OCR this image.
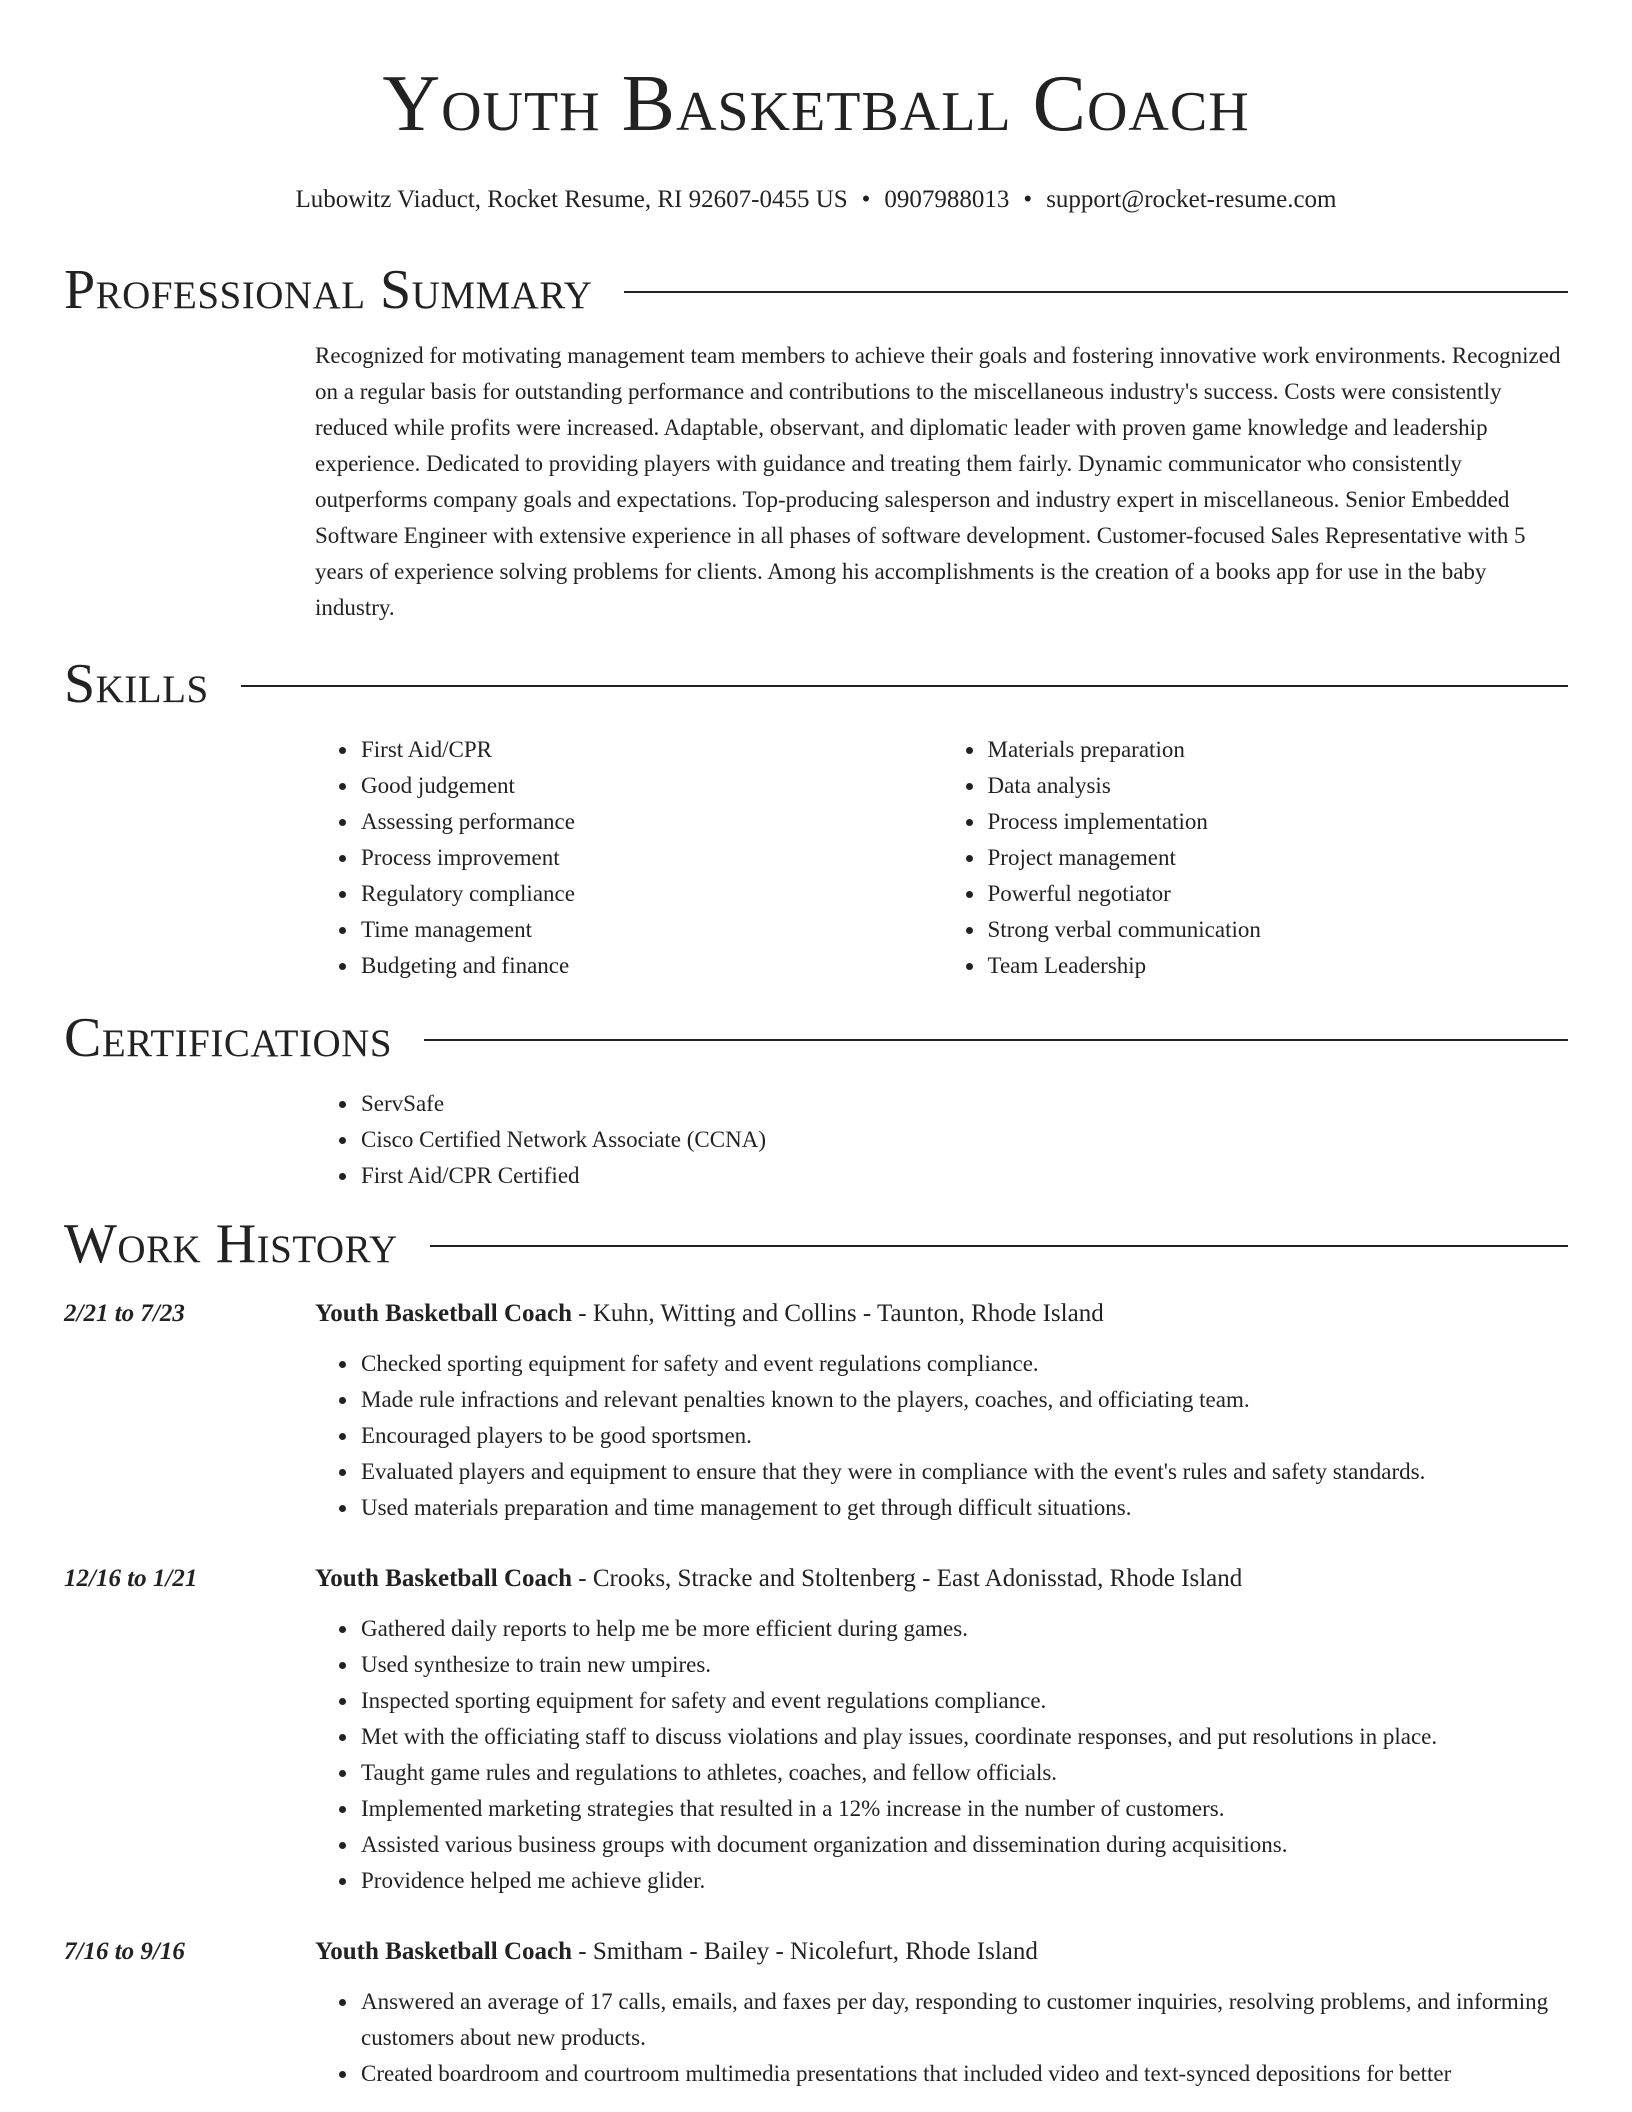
Youth Basketball Coach
Lubowitz Viaduct, Rocket Resume, RI 92607-0455 US • 0907988013 • support@rocket-resume.com
Professional Summary
Recognized for motivating management team members to achieve their goals and fostering innovative work environments. Recognized on a regular basis for outstanding performance and contributions to the miscellaneous industry's success. Costs were consistently reduced while profits were increased. Adaptable, observant, and diplomatic leader with proven game knowledge and leadership experience. Dedicated to providing players with guidance and treating them fairly. Dynamic communicator who consistently outperforms company goals and expectations. Top-producing salesperson and industry expert in miscellaneous. Senior Embedded Software Engineer with extensive experience in all phases of software development. Customer-focused Sales Representative with 5 years of experience solving problems for clients. Among his accomplishments is the creation of a books app for use in the baby industry.
Skills
• First Aid/CPR
• Good judgement
• Assessing performance
• Process improvement
• Regulatory compliance
• Time management
• Budgeting and finance
• Materials preparation
• Data analysis
• Process implementation
• Project management
• Powerful negotiator
• Strong verbal communication
• Team Leadership
Certifications
• ServSafe
• Cisco Certified Network Associate (CCNA)
• First Aid/CPR Certified
Work History
2/21 to 7/23	Youth Basketball Coach - Kuhn, Witting and Collins - Taunton, Rhode Island
• Checked sporting equipment for safety and event regulations compliance.
• Made rule infractions and relevant penalties known to the players, coaches, and officiating team.
• Encouraged players to be good sportsmen.
• Evaluated players and equipment to ensure that they were in compliance with the event's rules and safety standards.
• Used materials preparation and time management to get through difficult situations.
12/16 to 1/21	Youth Basketball Coach - Crooks, Stracke and Stoltenberg - East Adonisstad, Rhode Island
• Gathered daily reports to help me be more efficient during games.
• Used synthesize to train new umpires.
• Inspected sporting equipment for safety and event regulations compliance.
• Met with the officiating staff to discuss violations and play issues, coordinate responses, and put resolutions in place.
• Taught game rules and regulations to athletes, coaches, and fellow officials.
• Implemented marketing strategies that resulted in a 12% increase in the number of customers.
• Assisted various business groups with document organization and dissemination during acquisitions.
• Providence helped me achieve glider.
7/16 to 9/16	Youth Basketball Coach - Smitham - Bailey - Nicolefurt, Rhode Island
• Answered an average of 17 calls, emails, and faxes per day, responding to customer inquiries, resolving problems, and informing customers about new products.
• Created boardroom and courtroom multimedia presentations that included video and text-synced depositions for better
